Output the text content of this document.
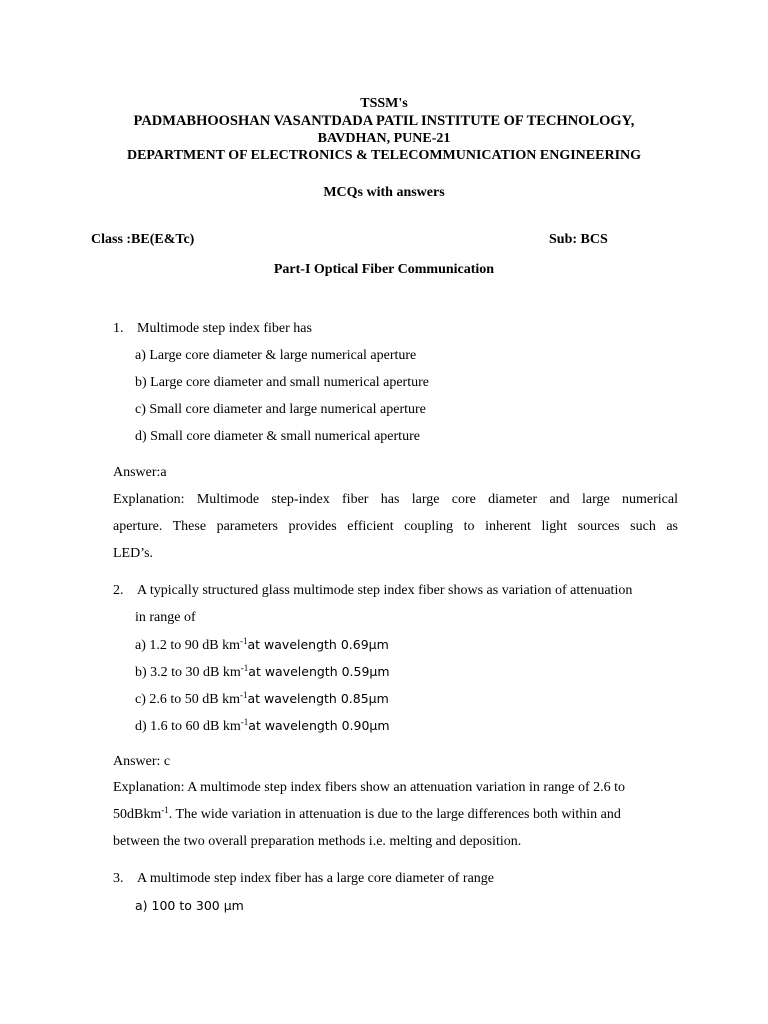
TSSM's
PADMABHOOSHAN VASANTDADA PATIL INSTITUTE OF TECHNOLOGY,
BAVDHAN, PUNE-21
DEPARTMENT OF ELECTRONICS & TELECOMMUNICATION ENGINEERING
MCQs with answers
Class :BE(E&Tc)	Sub: BCS
Part-I Optical Fiber Communication
1. Multimode step index fiber has
a) Large core diameter & large numerical aperture
b) Large core diameter and small numerical aperture
c) Small core diameter and large numerical aperture
d) Small core diameter & small numerical aperture
Answer:a
Explanation: Multimode step-index fiber has large core diameter and large numerical
aperture. These parameters provides efficient coupling to inherent light sources such as
LED’s.
2. A typically structured glass multimode step index fiber shows as variation of attenuation
in range of
a) 1.2 to 90 dB $km^{-1}at$ wavelength 0.69μm
b) 3.2 to 30 dB $km^{-1}at$ wavelength 0.59μm
c) 2.6 to 50 dB $km^{-1}at$ wavelength 0.85μm
d) 1.6 to 60 dB $km^{-1}at$ wavelength 0.90μm
Answer: c
Explanation: A multimode step index fibers show an attenuation variation in range of 2.6 to
50dBkm$^{-1}$. The wide variation in attenuation is due to the large differences both within and
between the two overall preparation methods i.e. melting and deposition.
3. A multimode step index fiber has a large core diameter of range
a) 100 to 300 μm
